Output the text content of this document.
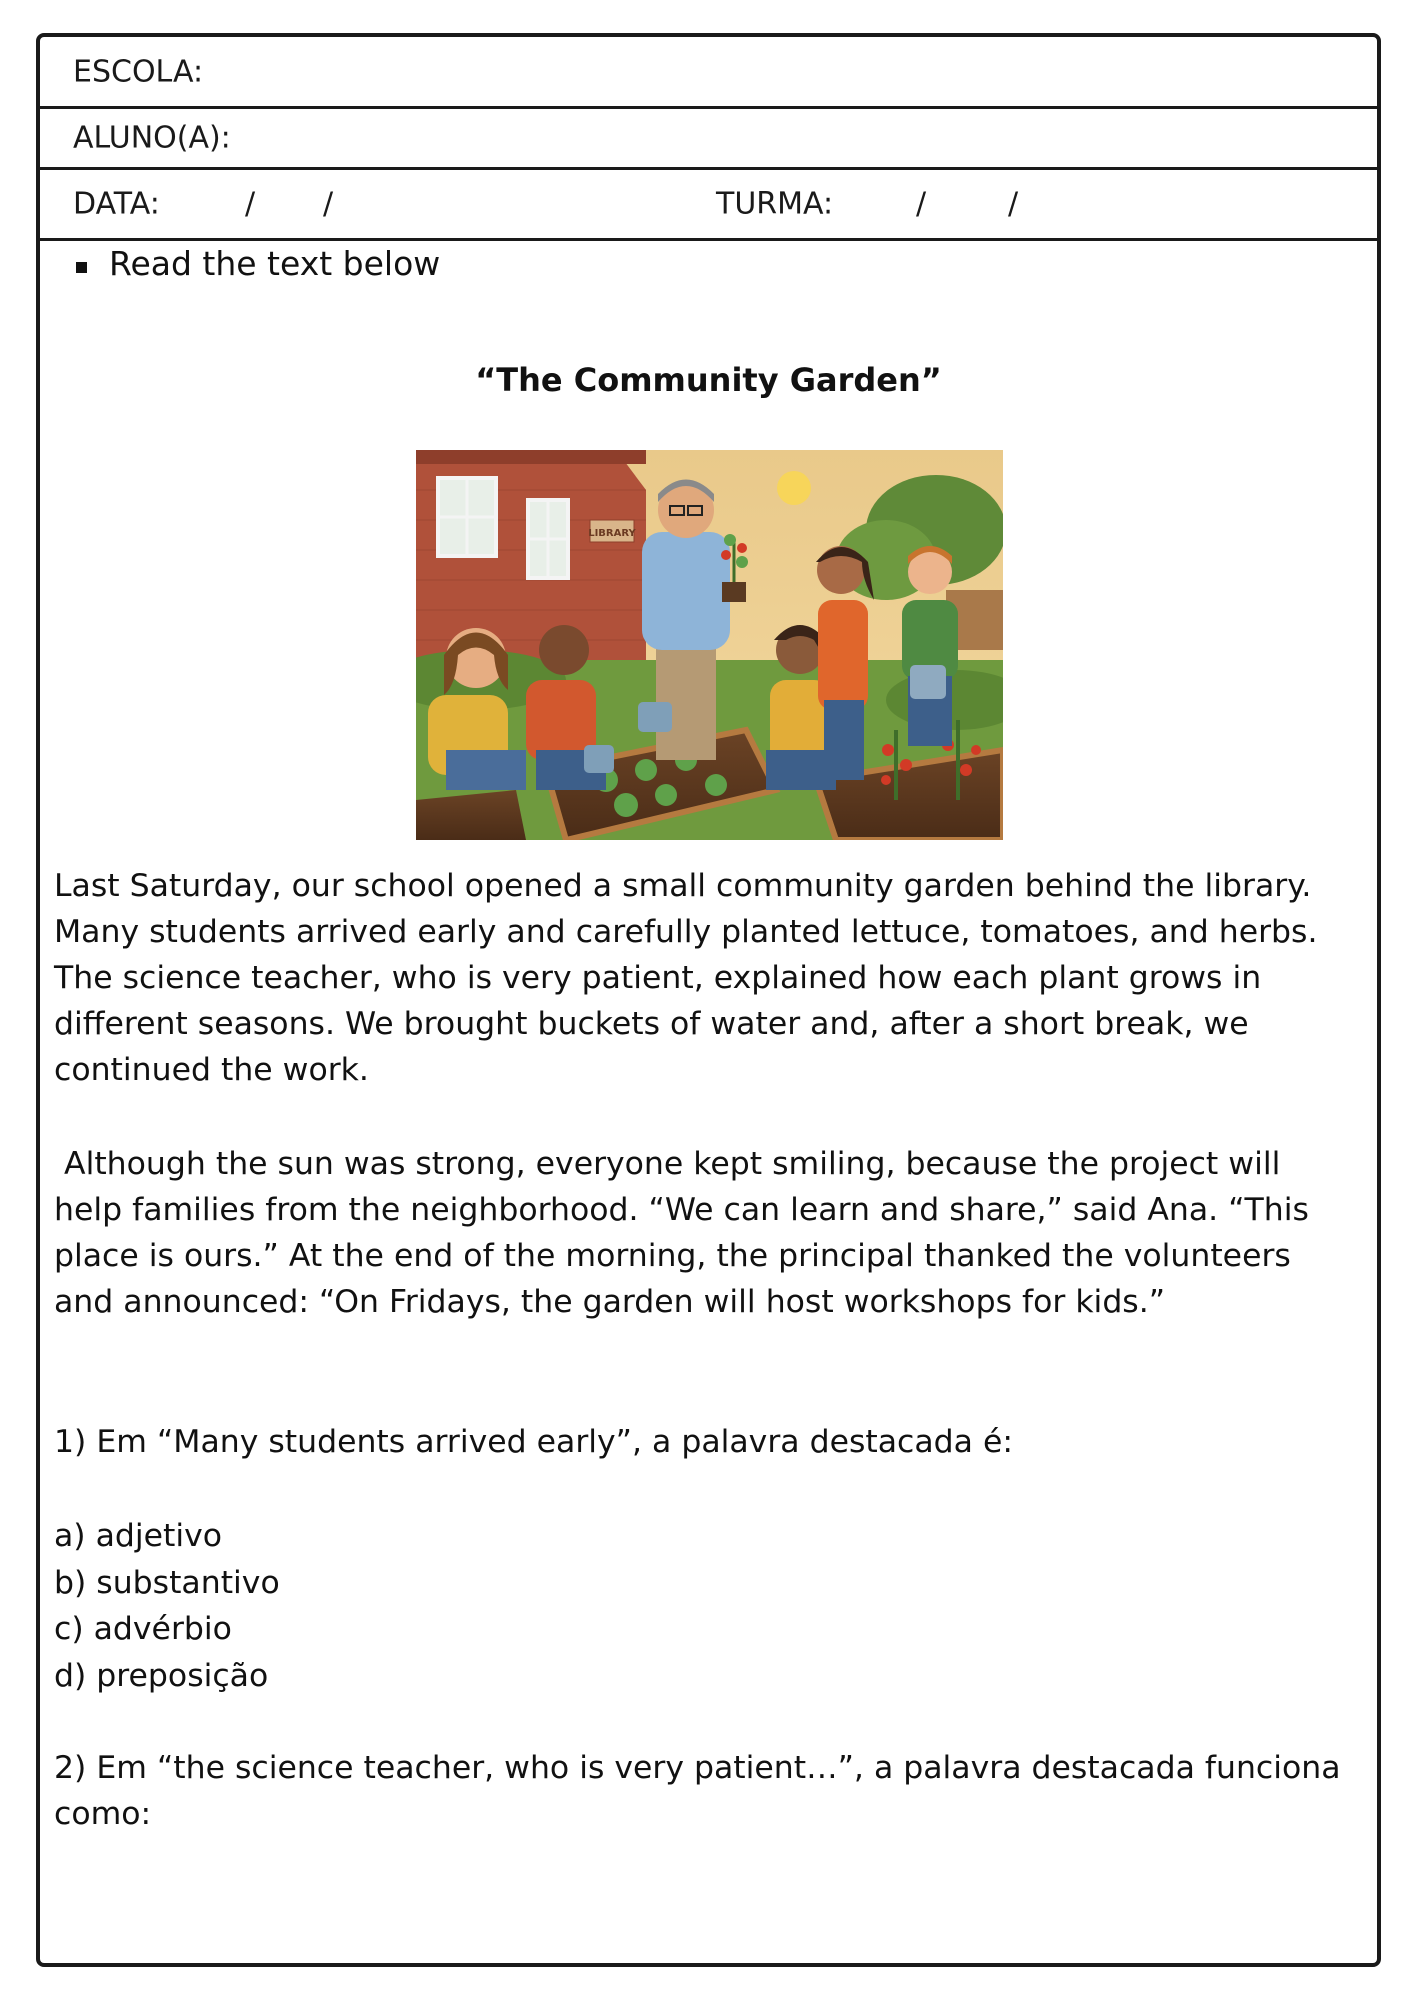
ESCOLA:
ALUNO(A):
DATA:	/ /	TURMA:	/	/
Read the text below
“The Community Garden”
LIBRARY
Last Saturday, our school opened a small community garden behind the library. Many students arrived early and carefully planted lettuce, tomatoes, and herbs. The science teacher, who is very patient, explained how each plant grows in different seasons. We brought buckets of water and, after a short break, we continued the work.
Although the sun was strong, everyone kept smiling, because the project will help families from the neighborhood. “We can learn and share,” said Ana. “This place is ours.” At the end of the morning, the principal thanked the volunteers and announced: “On Fridays, the garden will host workshops for kids.”
1) Em “Many students arrived early”, a palavra destacada é:
a) adjetivo
b) substantivo
c) advérbio
d) preposição
2) Em “the science teacher, who is very patient…”, a palavra destacada funciona como:
